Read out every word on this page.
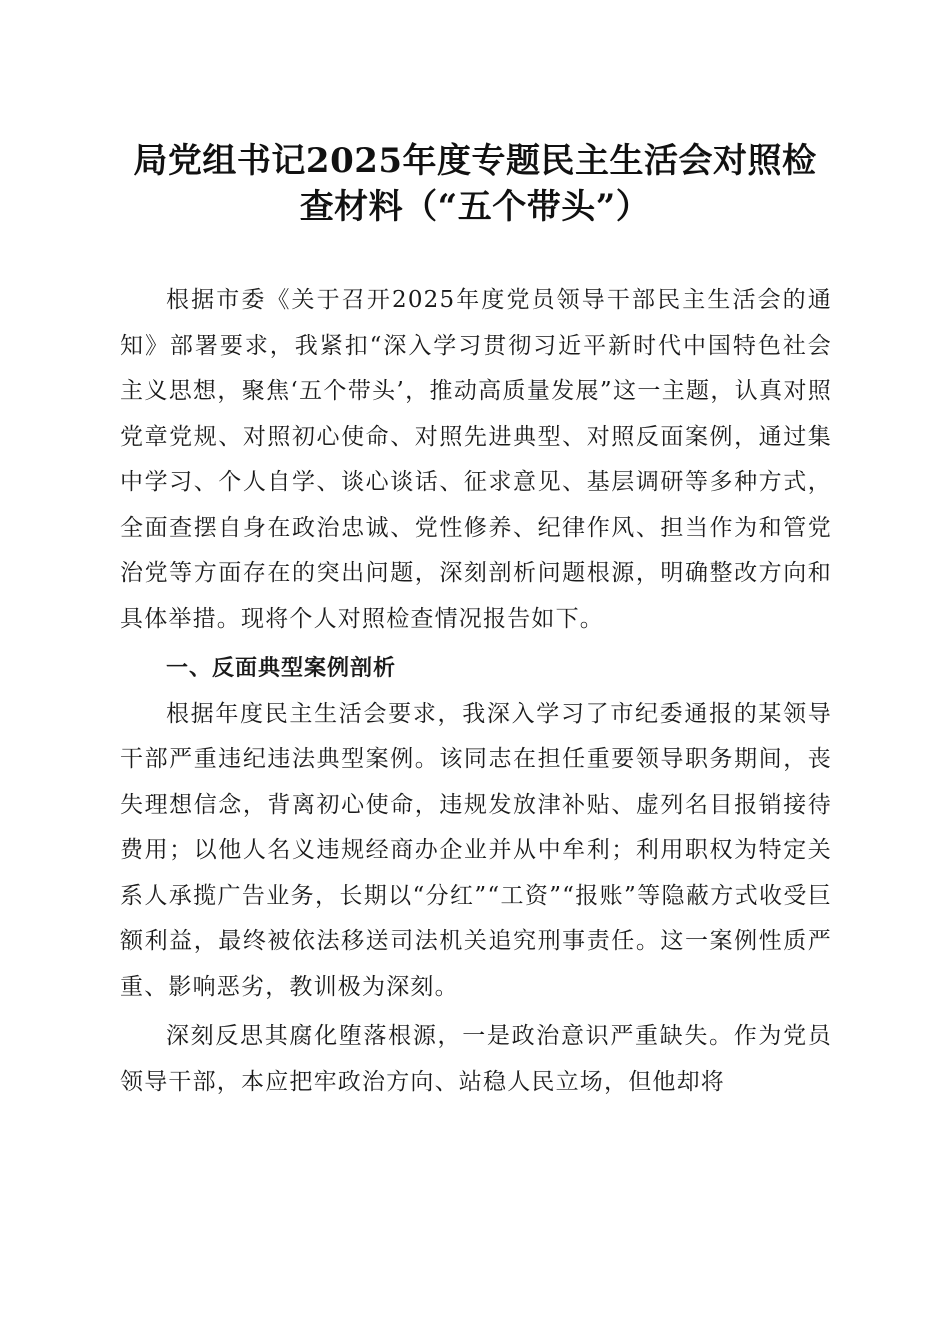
局党组书记2025年度专题民主生活会对照检
查材料（“五个带头”）

根据市委《关于召开2025年度党员领导干部民主生活会的通知》部署要求，我紧扣“深入学习贯彻习近平新时代中国特色社会主义思想，聚焦‘五个带头’，推动高质量发展”这一主题，认真对照党章党规、对照初心使命、对照先进典型、对照反面案例，通过集中学习、个人自学、谈心谈话、征求意见、基层调研等多种方式，全面查摆自身在政治忠诚、党性修养、纪律作风、担当作为和管党治党等方面存在的突出问题，深刻剖析问题根源，明确整改方向和具体举措。现将个人对照检查情况报告如下。

一、反面典型案例剖析

根据年度民主生活会要求，我深入学习了市纪委通报的某领导干部严重违纪违法典型案例。该同志在担任重要领导职务期间，丧失理想信念，背离初心使命，违规发放津补贴、虚列名目报销接待费用；以他人名义违规经商办企业并从中牟利；利用职权为特定关系人承揽广告业务，长期以“分红”“工资”“报账”等隐蔽方式收受巨额利益，最终被依法移送司法机关追究刑事责任。这一案例性质严重、影响恶劣，教训极为深刻。

深刻反思其腐化堕落根源，一是政治意识严重缺失。作为党员领导干部，本应把牢政治方向、站稳人民立场，但他却将
